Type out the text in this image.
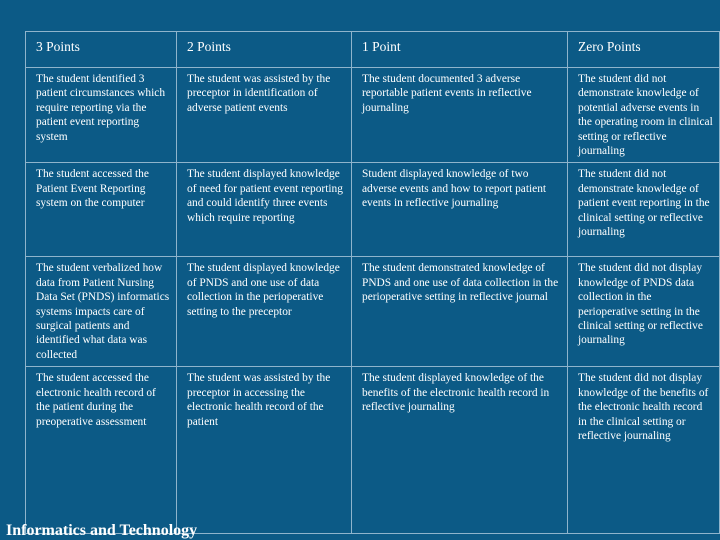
3 Points	2 Points	1 Point	Zero Points
The student identified 3 patient circumstances which require reporting via the patient event reporting system	The student was assisted by the preceptor in identification of adverse patient events	The student documented 3 adverse reportable patient events in reflective journaling	The student did not demonstrate knowledge of potential adverse events in the operating room in clinical setting or reflective journaling
The student accessed the Patient Event Reporting system on the computer	The student displayed knowledge of need for patient event reporting and could identify three events which require reporting	Student displayed knowledge of two adverse events and how to report patient events in reflective journaling	The student did not demonstrate knowledge of patient event reporting in the clinical setting or reflective journaling
The student verbalized how data from Patient Nursing Data Set (PNDS) informatics systems impacts care of surgical patients and identified what data was collected	The student displayed knowledge of PNDS and one use of data collection in the perioperative setting to the preceptor	The student demonstrated knowledge of PNDS and one use of data collection in the perioperative setting in reflective journal	The student did not display knowledge of PNDS data collection in the perioperative setting in the clinical setting or reflective journaling
The student accessed the electronic health record of the patient during the preoperative assessment	The student was assisted by the preceptor in accessing the electronic health record of the patient	The student displayed knowledge of the benefits of the electronic health record in reflective journaling	The student did not display knowledge of the benefits of the electronic health record in the clinical setting or reflective journaling
Informatics and Technology
